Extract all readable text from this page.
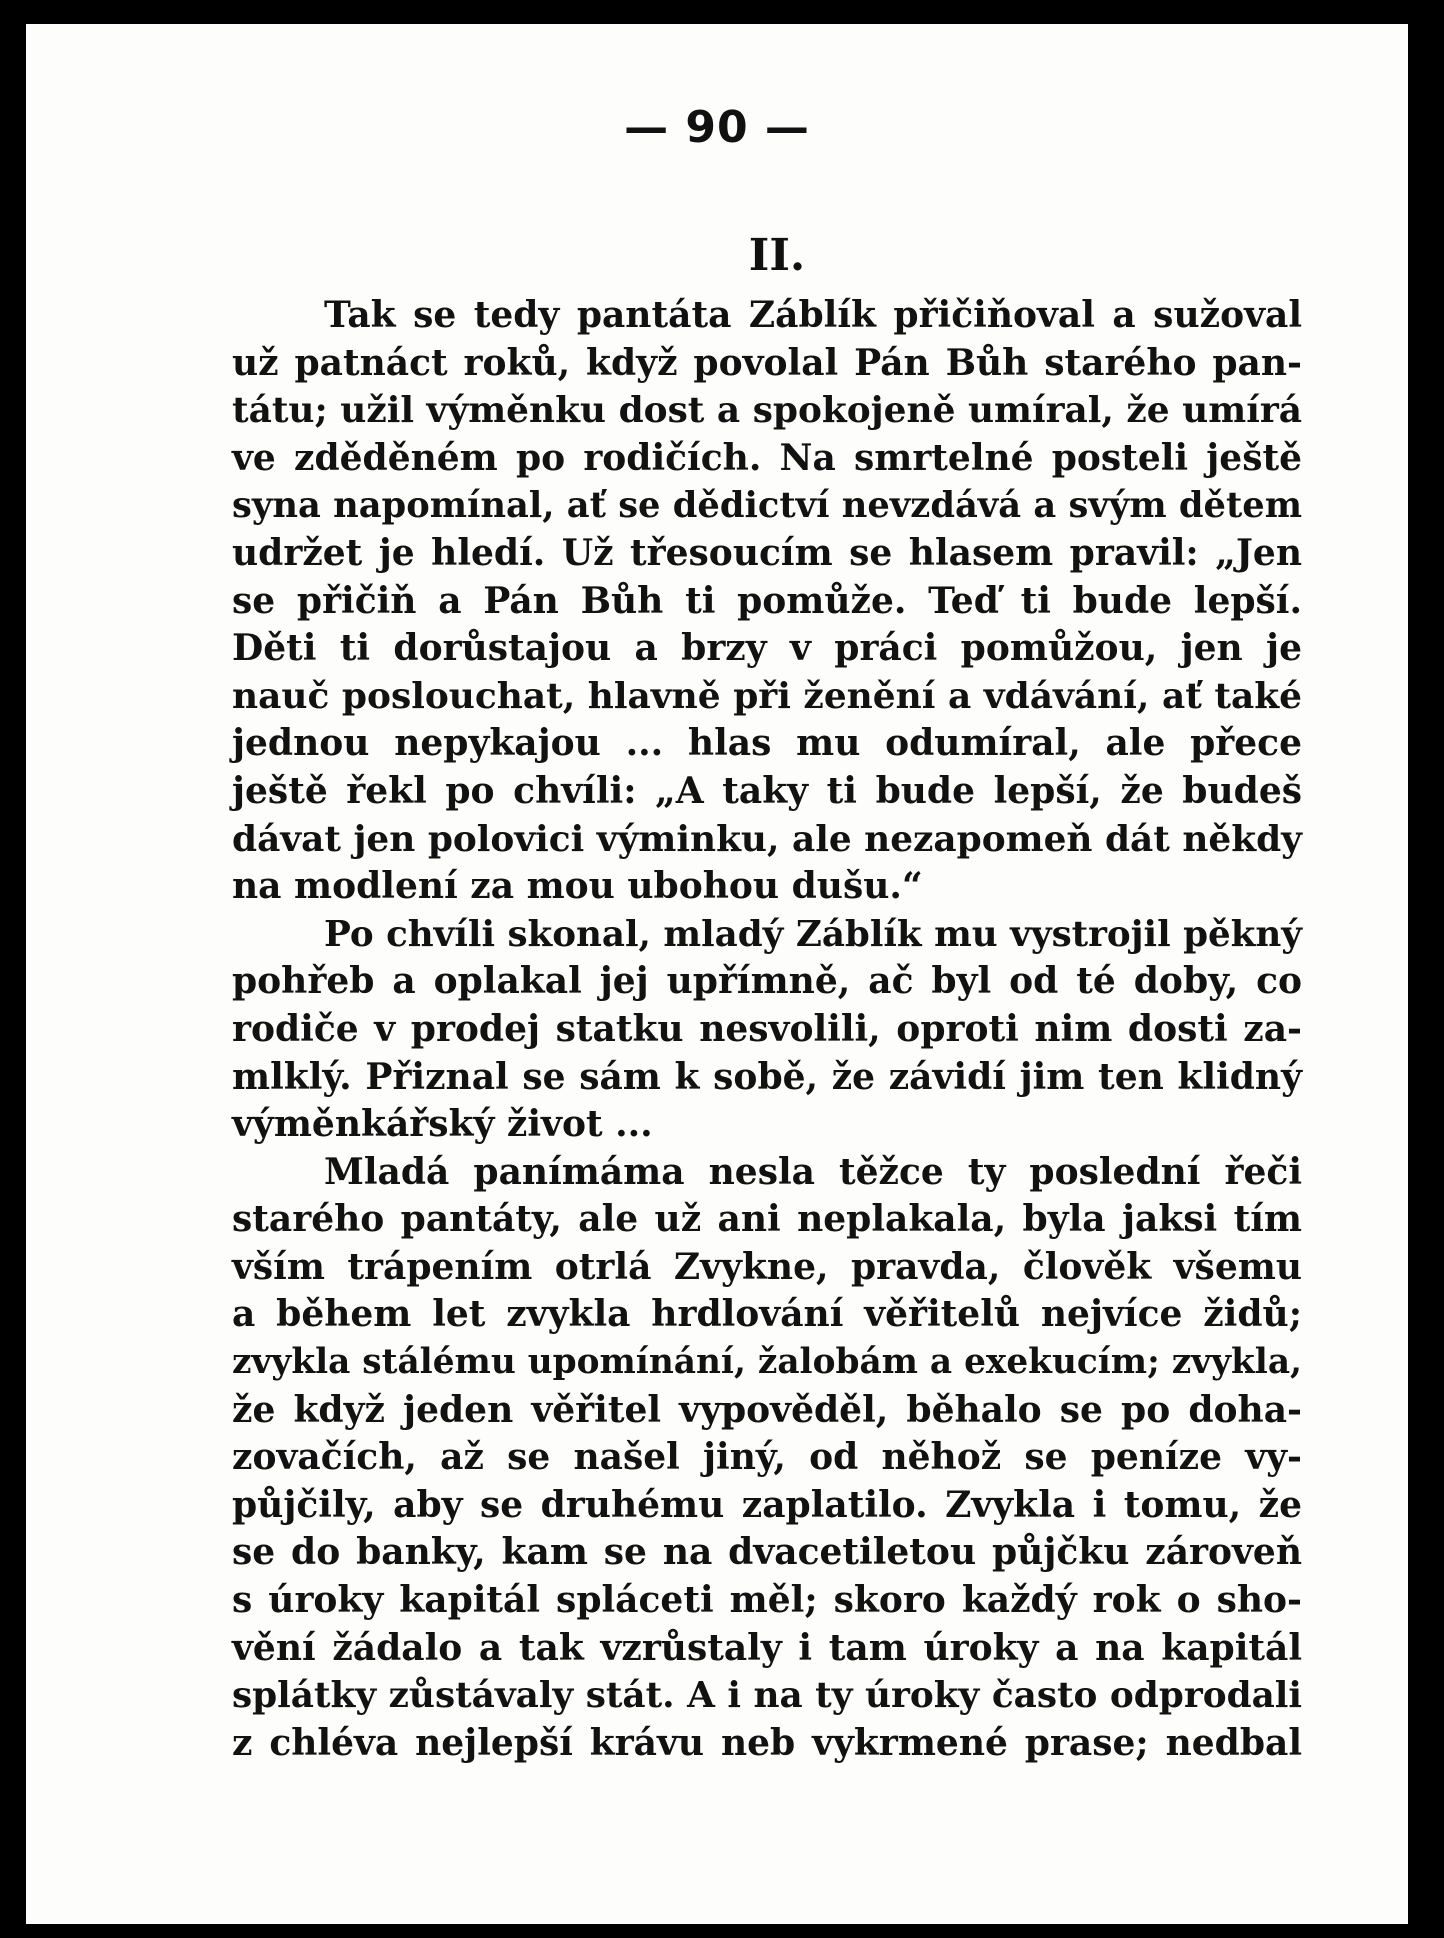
— 90 —
II.
Tak se tedy pantáta Záblík přičiňoval a sužoval
už patnáct roků, když povolal Pán Bůh starého pan-
tátu; užil výměnku dost a spokojeně umíral, že umírá
ve zděděném po rodičích. Na smrtelné posteli ještě
syna napomínal, ať se dědictví nevzdává a svým dětem
udržet je hledí. Už třesoucím se hlasem pravil: „Jen
se přičiň a Pán Bůh ti pomůže. Teď ti bude lepší.
Děti ti dorůstajou a brzy v práci pomůžou, jen je
nauč poslouchat, hlavně při ženění a vdávání, ať také
jednou nepykajou ... hlas mu odumíral, ale přece
ještě řekl po chvíli: „A taky ti bude lepší, že budeš
dávat jen polovici výminku, ale nezapomeň dát někdy
na modlení za mou ubohou dušu.“
Po chvíli skonal, mladý Záblík mu vystrojil pěkný
pohřeb a oplakal jej upřímně, ač byl od té doby, co
rodiče v prodej statku nesvolili, oproti nim dosti za-
mlklý. Přiznal se sám k sobě, že závidí jim ten klidný
výměnkářský život ...
Mladá panímáma nesla těžce ty poslední řeči
starého pantáty, ale už ani neplakala, byla jaksi tím
vším trápením otrlá Zvykne, pravda, člověk všemu
a během let zvykla hrdlování věřitelů nejvíce židů;
zvykla stálému upomínání, žalobám a exekucím; zvykla,
že když jeden věřitel vypověděl, běhalo se po doha-
zovačích, až se našel jiný, od něhož se peníze vy-
půjčily, aby se druhému zaplatilo. Zvykla i tomu, že
se do banky, kam se na dvacetiletou půjčku zároveň
s úroky kapitál spláceti měl; skoro každý rok o sho-
vění žádalo a tak vzrůstaly i tam úroky a na kapitál
splátky zůstávaly stát. A i na ty úroky často odprodali
z chléva nejlepší krávu neb vykrmené prase; nedbal
